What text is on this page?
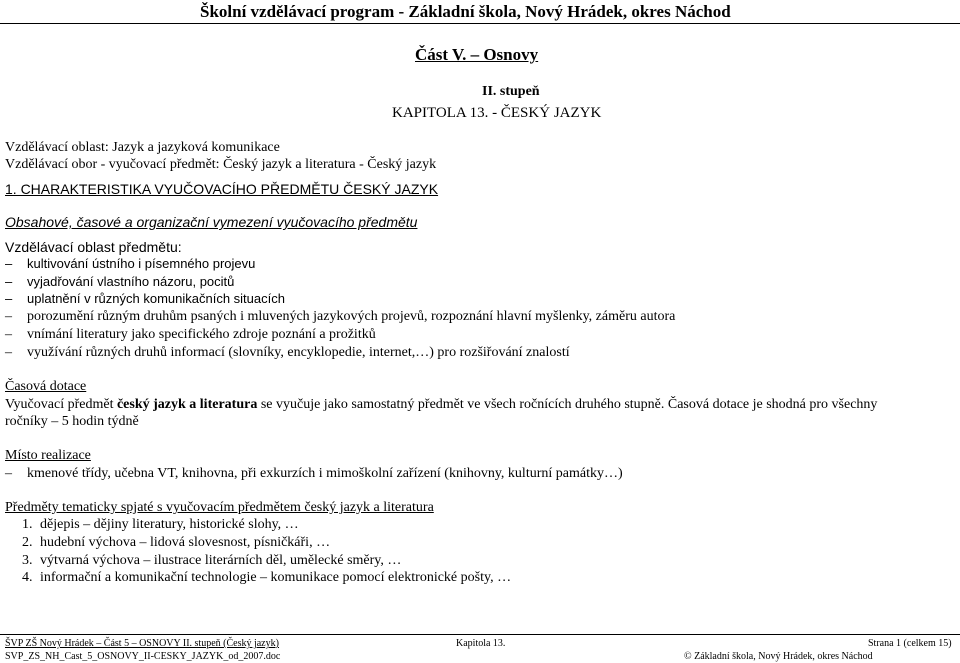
Školní vzdělávací program - Základní škola, Nový Hrádek, okres Náchod
Část V. – Osnovy
II. stupeň
KAPITOLA 13. - ČESKÝ JAZYK
Vzdělávací oblast: Jazyk a jazyková komunikace
Vzdělávací obor - vyučovací předmět: Český jazyk a literatura - Český jazyk
1. CHARAKTERISTIKA VYUČOVACÍHO PŘEDMĚTU ČESKÝ JAZYK
Obsahové, časové a organizační vymezení vyučovacího předmětu
Vzdělávací oblast předmětu:
– kultivování ústního i písemného projevu
– vyjadřování vlastního názoru, pocitů
– uplatnění v různých komunikačních situacích
– porozumění různým druhům psaných i mluvených jazykových projevů, rozpoznání hlavní myšlenky, záměru autora
– vnímání literatury jako specifického zdroje poznání a prožitků
– využívání různých druhů informací (slovníky, encyklopedie, internet,…) pro rozšiřování znalostí
Časová dotace
Vyučovací předmět český jazyk a literatura se vyučuje jako samostatný předmět ve všech ročnících druhého stupně. Časová dotace je shodná pro všechny
ročníky – 5 hodin týdně
Místo realizace
– kmenové třídy, učebna VT, knihovna, při exkurzích i mimoškolní zařízení (knihovny, kulturní památky…)
Předměty tematicky spjaté s vyučovacím předmětem český jazyk a literatura
1. dějepis – dějiny literatury, historické slohy, …
2. hudební výchova – lidová slovesnost, písničkáři, …
3. výtvarná výchova – ilustrace literárních děl, umělecké směry, …
4. informační a komunikační technologie – komunikace pomocí elektronické pošty, …
ŠVP ZŠ Nový Hrádek – Část 5 – OSNOVY II. stupeň (Český jazyk)
SVP_ZS_NH_Cast_5_OSNOVY_II-CESKY_JAZYK_od_2007.doc
Kapitola 13.	Strana 1 (celkem 15)
© Základní škola, Nový Hrádek, okres Náchod
